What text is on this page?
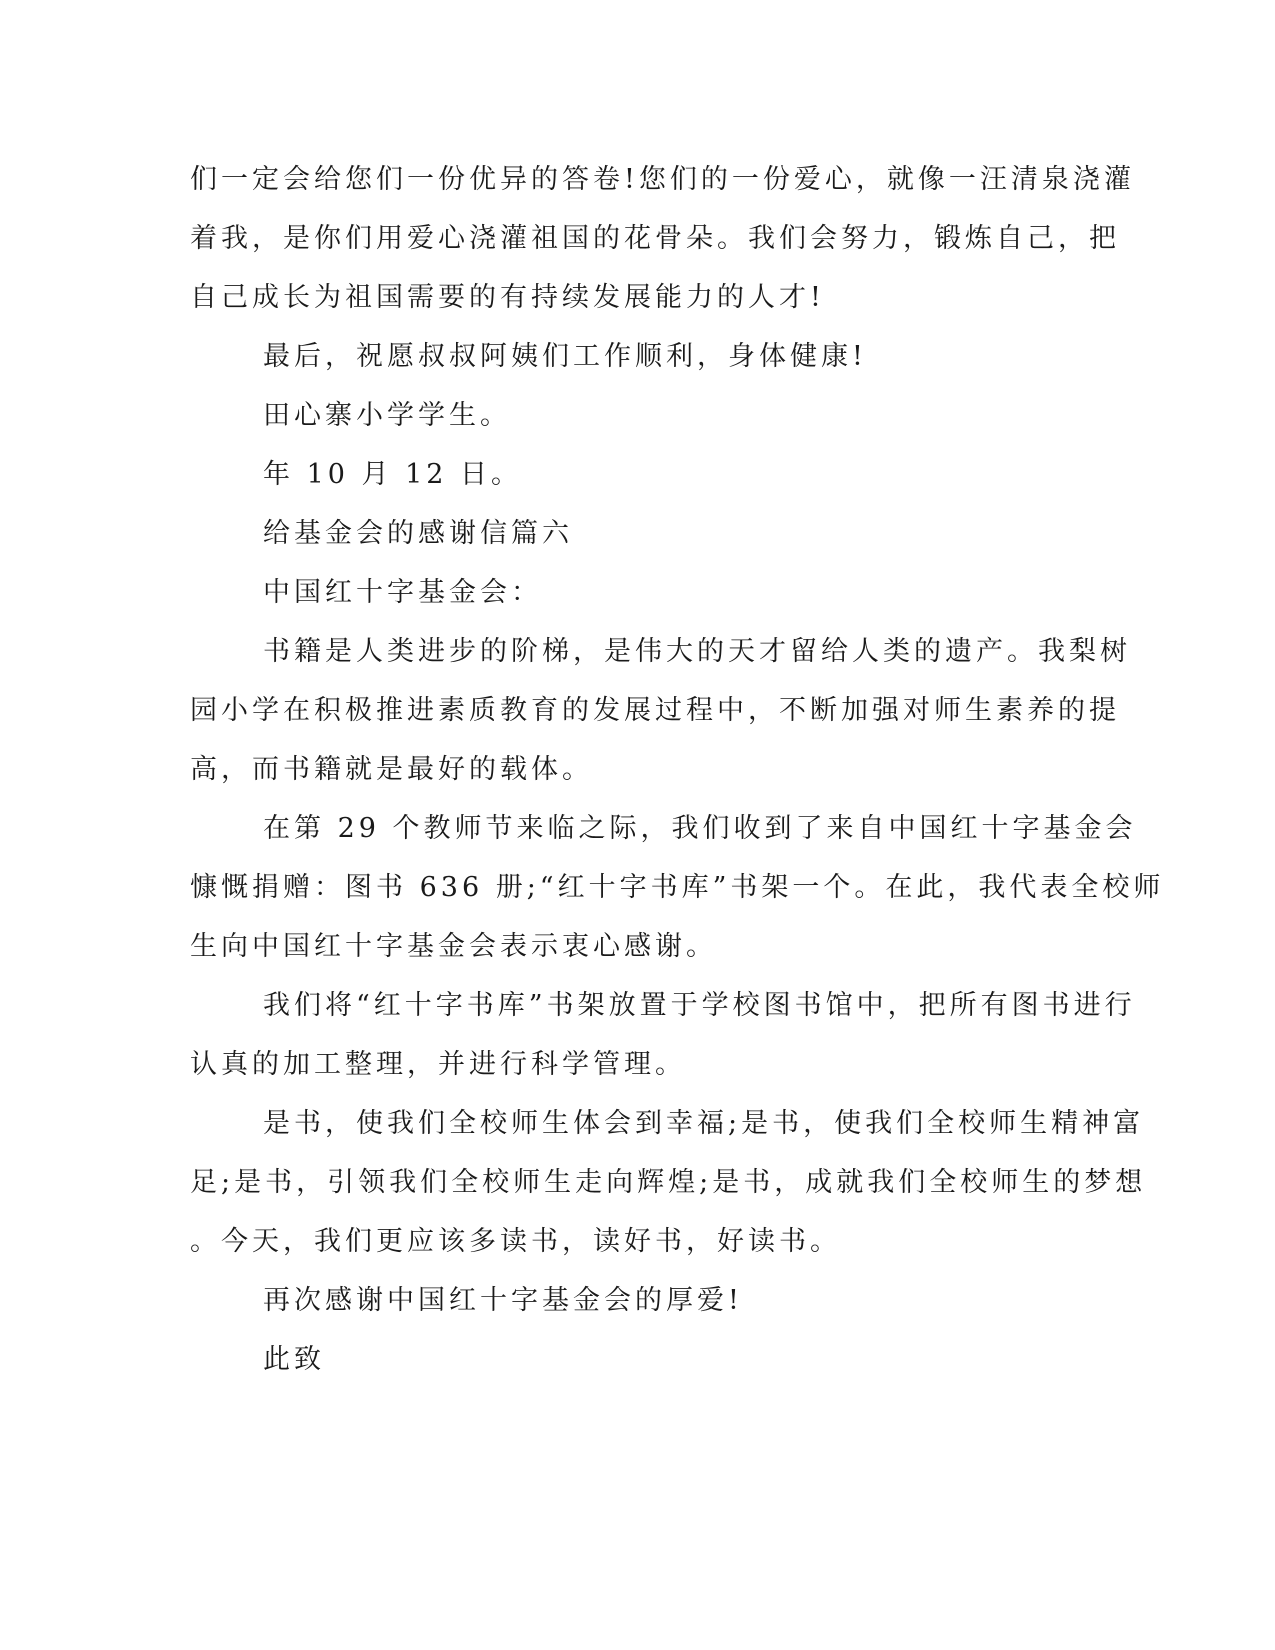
们一定会给您们一份优异的答卷!您们的一份爱心，就像一汪清泉浇灌

着我，是你们用爱心浇灌祖国的花骨朵。我们会努力，锻炼自己，把

自己成长为祖国需要的有持续发展能力的人才!

最后，祝愿叔叔阿姨们工作顺利，身体健康!

田心寨小学学生。

年 10 月 12 日。

给基金会的感谢信篇六

中国红十字基金会：

书籍是人类进步的阶梯，是伟大的天才留给人类的遗产。我梨树

园小学在积极推进素质教育的发展过程中，不断加强对师生素养的提

高，而书籍就是最好的载体。

在第 29 个教师节来临之际，我们收到了来自中国红十字基金会

慷慨捐赠：图书 636 册;“红十字书库”书架一个。在此，我代表全校师

生向中国红十字基金会表示衷心感谢。

我们将“红十字书库”书架放置于学校图书馆中，把所有图书进行

认真的加工整理，并进行科学管理。

是书，使我们全校师生体会到幸福;是书，使我们全校师生精神富

足;是书，引领我们全校师生走向辉煌;是书，成就我们全校师生的梦想

。今天，我们更应该多读书，读好书，好读书。

再次感谢中国红十字基金会的厚爱!

此致
